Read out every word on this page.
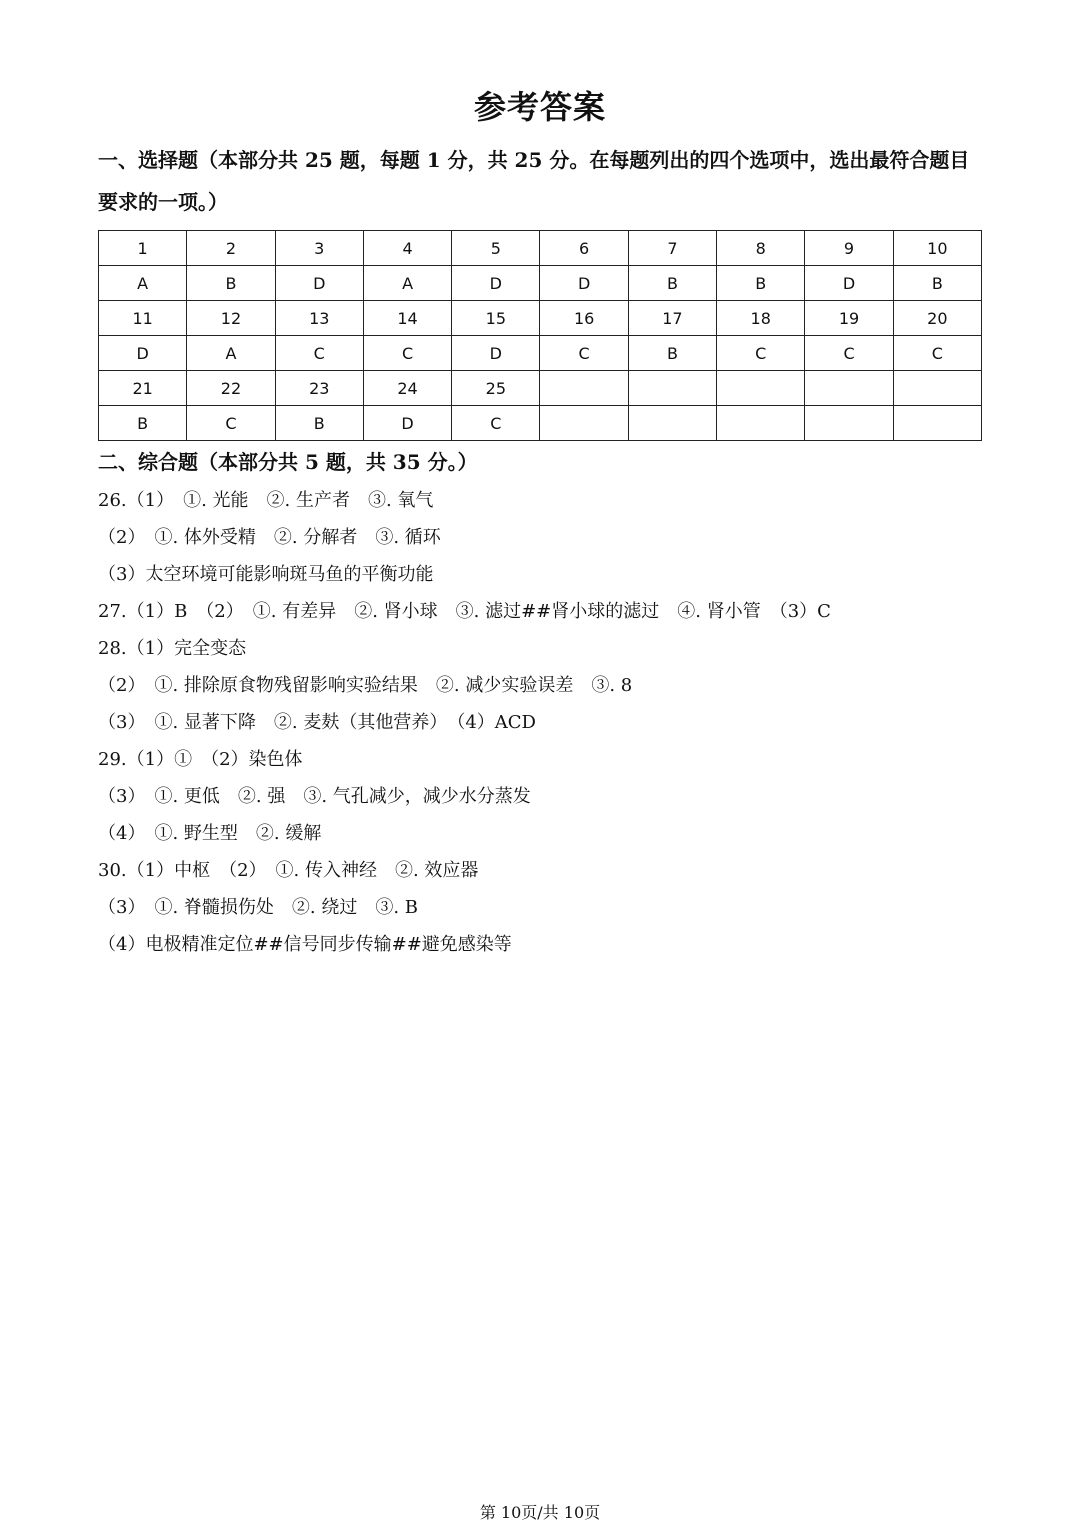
参考答案
一、选择题（本部分共 25 题，每题 1 分，共 25 分。在每题列出的四个选项中，选出最符合题目要求的一项。）
1	2	3	4	5	6	7	8	9	10
A	B	D	A	D	D	B	B	D	B
11	12	13	14	15	16	17	18	19	20
D	A	C	C	D	C	B	C	C	C
21	22	23	24	25					
B	C	B	D	C					
二、综合题（本部分共 5 题，共 35 分。）
26.（1）　①. 光能　②. 生产者　③. 氧气
（2）　①. 体外受精　②. 分解者　③. 循环
（3）太空环境可能影响斑马鱼的平衡功能
27.（1）B　（2）　①. 有差异　②. 肾小球　③. 滤过##肾小球的滤过　④. 肾小管　（3）C
28.（1）完全变态
（2）　①. 排除原食物残留影响实验结果　②. 减少实验误差　③. 8
（3）　①. 显著下降　②. 麦麸（其他营养）　（4）ACD
29.（1）①　（2）染色体
（3）　①. 更低　②. 强　③. 气孔减少，减少水分蒸发
（4）　①. 野生型　②. 缓解
30.（1）中枢　（2）　①. 传入神经　②. 效应器
（3）　①. 脊髓损伤处　②. 绕过　③. B
（4）电极精准定位##信号同步传输##避免感染等
第 10页/共 10页
